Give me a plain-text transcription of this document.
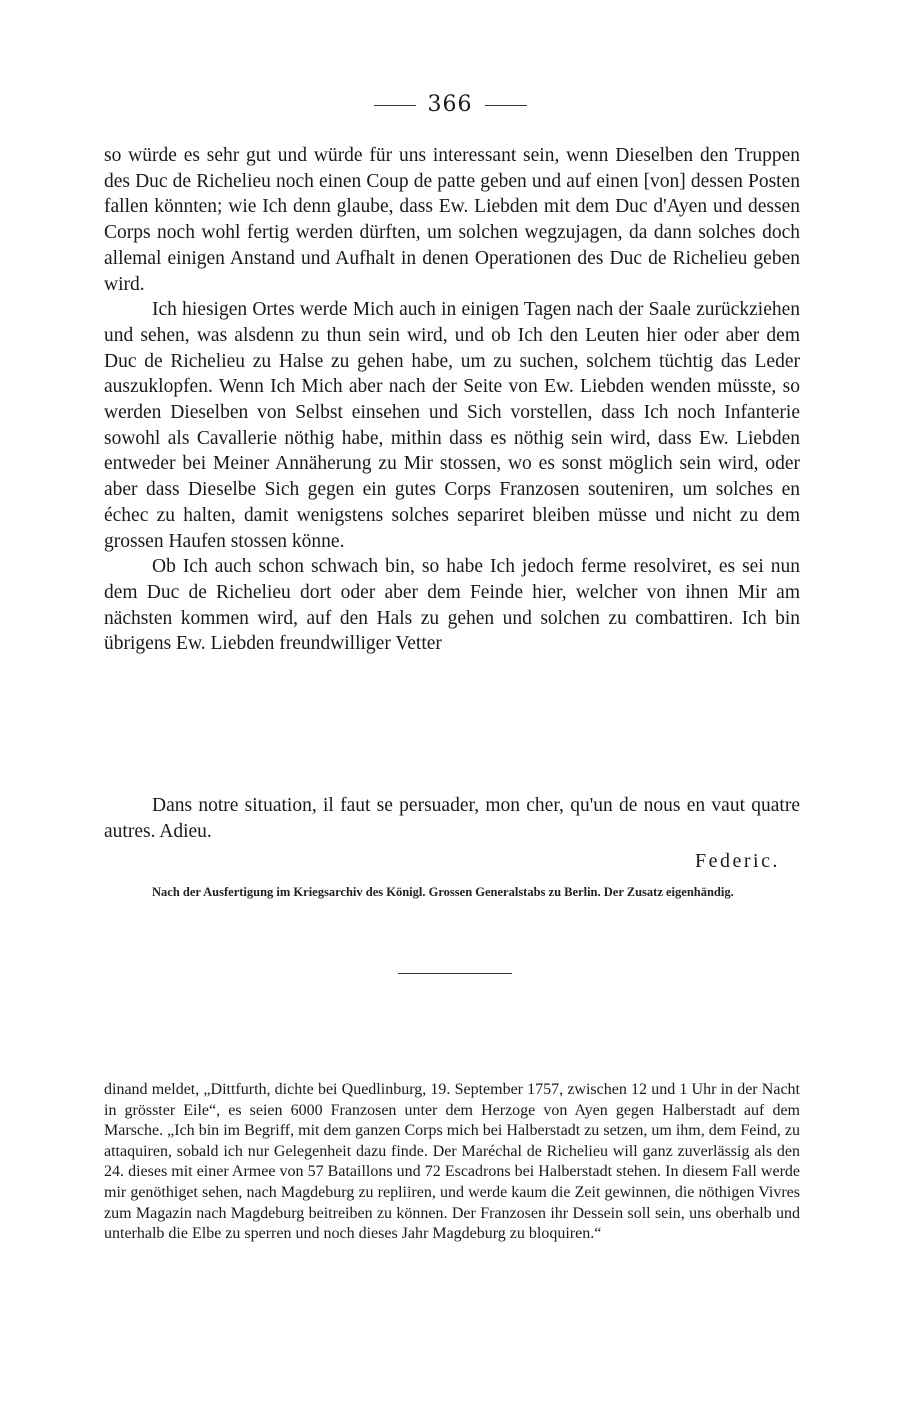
366

so würde es sehr gut und würde für uns interessant sein, wenn Dieselben den Truppen des Duc de Richelieu noch einen Coup de patte geben und auf einen [von] dessen Posten fallen könnten; wie Ich denn glaube, dass Ew. Liebden mit dem Duc d'Ayen und dessen Corps noch wohl fertig werden dürften, um solchen wegzujagen, da dann solches doch allemal einigen Anstand und Aufhalt in denen Operationen des Duc de Richelieu geben wird.

Ich hiesigen Ortes werde Mich auch in einigen Tagen nach der Saale zurückziehen und sehen, was alsdenn zu thun sein wird, und ob Ich den Leuten hier oder aber dem Duc de Richelieu zu Halse zu gehen habe, um zu suchen, solchem tüchtig das Leder auszuklopfen. Wenn Ich Mich aber nach der Seite von Ew. Liebden wenden müsste, so werden Dieselben von Selbst einsehen und Sich vorstellen, dass Ich noch Infanterie sowohl als Cavallerie nöthig habe, mithin dass es nöthig sein wird, dass Ew. Liebden entweder bei Meiner Annäherung zu Mir stossen, wo es sonst möglich sein wird, oder aber dass Dieselbe Sich gegen ein gutes Corps Franzosen souteniren, um solches en échec zu halten, damit wenigstens solches separiret bleiben müsse und nicht zu dem grossen Haufen stossen könne.

Ob Ich auch schon schwach bin, so habe Ich jedoch ferme resolviret, es sei nun dem Duc de Richelieu dort oder aber dem Feinde hier, welcher von ihnen Mir am nächsten kommen wird, auf den Hals zu gehen und solchen zu combattiren. Ich bin übrigens Ew. Liebden freundwilliger Vetter

Dans notre situation, il faut se persuader, mon cher, qu'un de nous en vaut quatre autres. Adieu.
Federic.
Nach der Ausfertigung im Kriegsarchiv des Königl. Grossen Generalstabs zu Berlin. Der Zusatz eigenhändig.
dinand meldet, „Dittfurth, dichte bei Quedlinburg, 19. September 1757, zwischen 12 und 1 Uhr in der Nacht in grösster Eile“, es seien 6000 Franzosen unter dem Herzoge von Ayen gegen Halberstadt auf dem Marsche. „Ich bin im Begriff, mit dem ganzen Corps mich bei Halberstadt zu setzen, um ihm, dem Feind, zu attaquiren, sobald ich nur Gelegenheit dazu finde. Der Maréchal de Richelieu will ganz zuverlässig als den 24. dieses mit einer Armee von 57 Bataillons und 72 Escadrons bei Halberstadt stehen. In diesem Fall werde mir genöthiget sehen, nach Magdeburg zu repliiren, und werde kaum die Zeit gewinnen, die nöthigen Vivres zum Magazin nach Magdeburg beitreiben zu können. Der Franzosen ihr Dessein soll sein, uns oberhalb und unterhalb die Elbe zu sperren und noch dieses Jahr Magdeburg zu bloquiren.“
